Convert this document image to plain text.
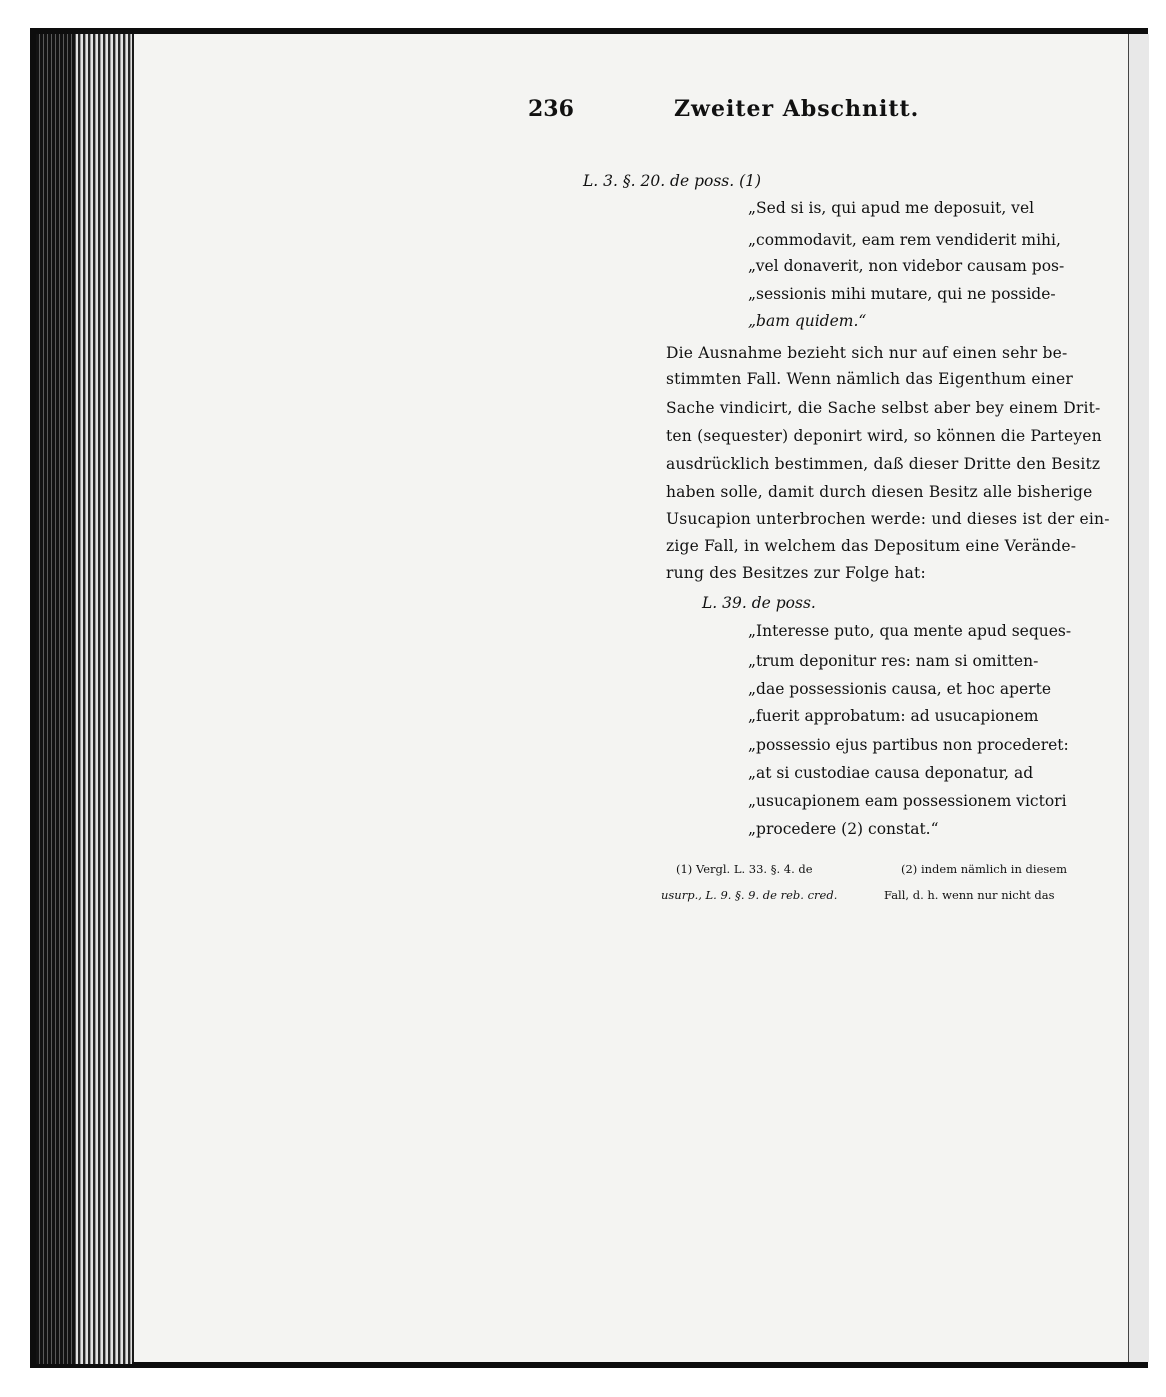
236	Zweiter Abschnitt.
L. 3. §. 20. de poss. (1)
„Sed si is, qui apud me deposuit, vel
„commodavit, eam rem vendiderit mihi,
„vel donaverit, non videbor causam pos-
„sessionis mihi mutare, qui ne posside-
„bam quidem.“
Die Ausnahme bezieht sich nur auf einen sehr be-
stimmten Fall. Wenn nämlich das Eigenthum einer
Sache vindicirt, die Sache selbst aber bey einem Drit-
ten (sequester) deponirt wird, so können die Parteyen
ausdrücklich bestimmen, daß dieser Dritte den Besitz
haben solle, damit durch diesen Besitz alle bisherige
Usucapion unterbrochen werde: und dieses ist der ein-
zige Fall, in welchem das Depositum eine Verände-
rung des Besitzes zur Folge hat:
L. 39. de poss.
„Interesse puto, qua mente apud seques-
„trum deponitur res: nam si omitten-
„dae possessionis causa, et hoc aperte
„fuerit approbatum: ad usucapionem
„possessio ejus partibus non procederet:
„at si custodiae causa deponatur, ad
„usucapionem eam possessionem victori
„procedere (2) constat.“
(1) Vergl. L. 33. §. 4. de
usurp., L. 9. §. 9. de reb. cred.
(2) indem nämlich in diesem
Fall, d. h. wenn nur nicht das
